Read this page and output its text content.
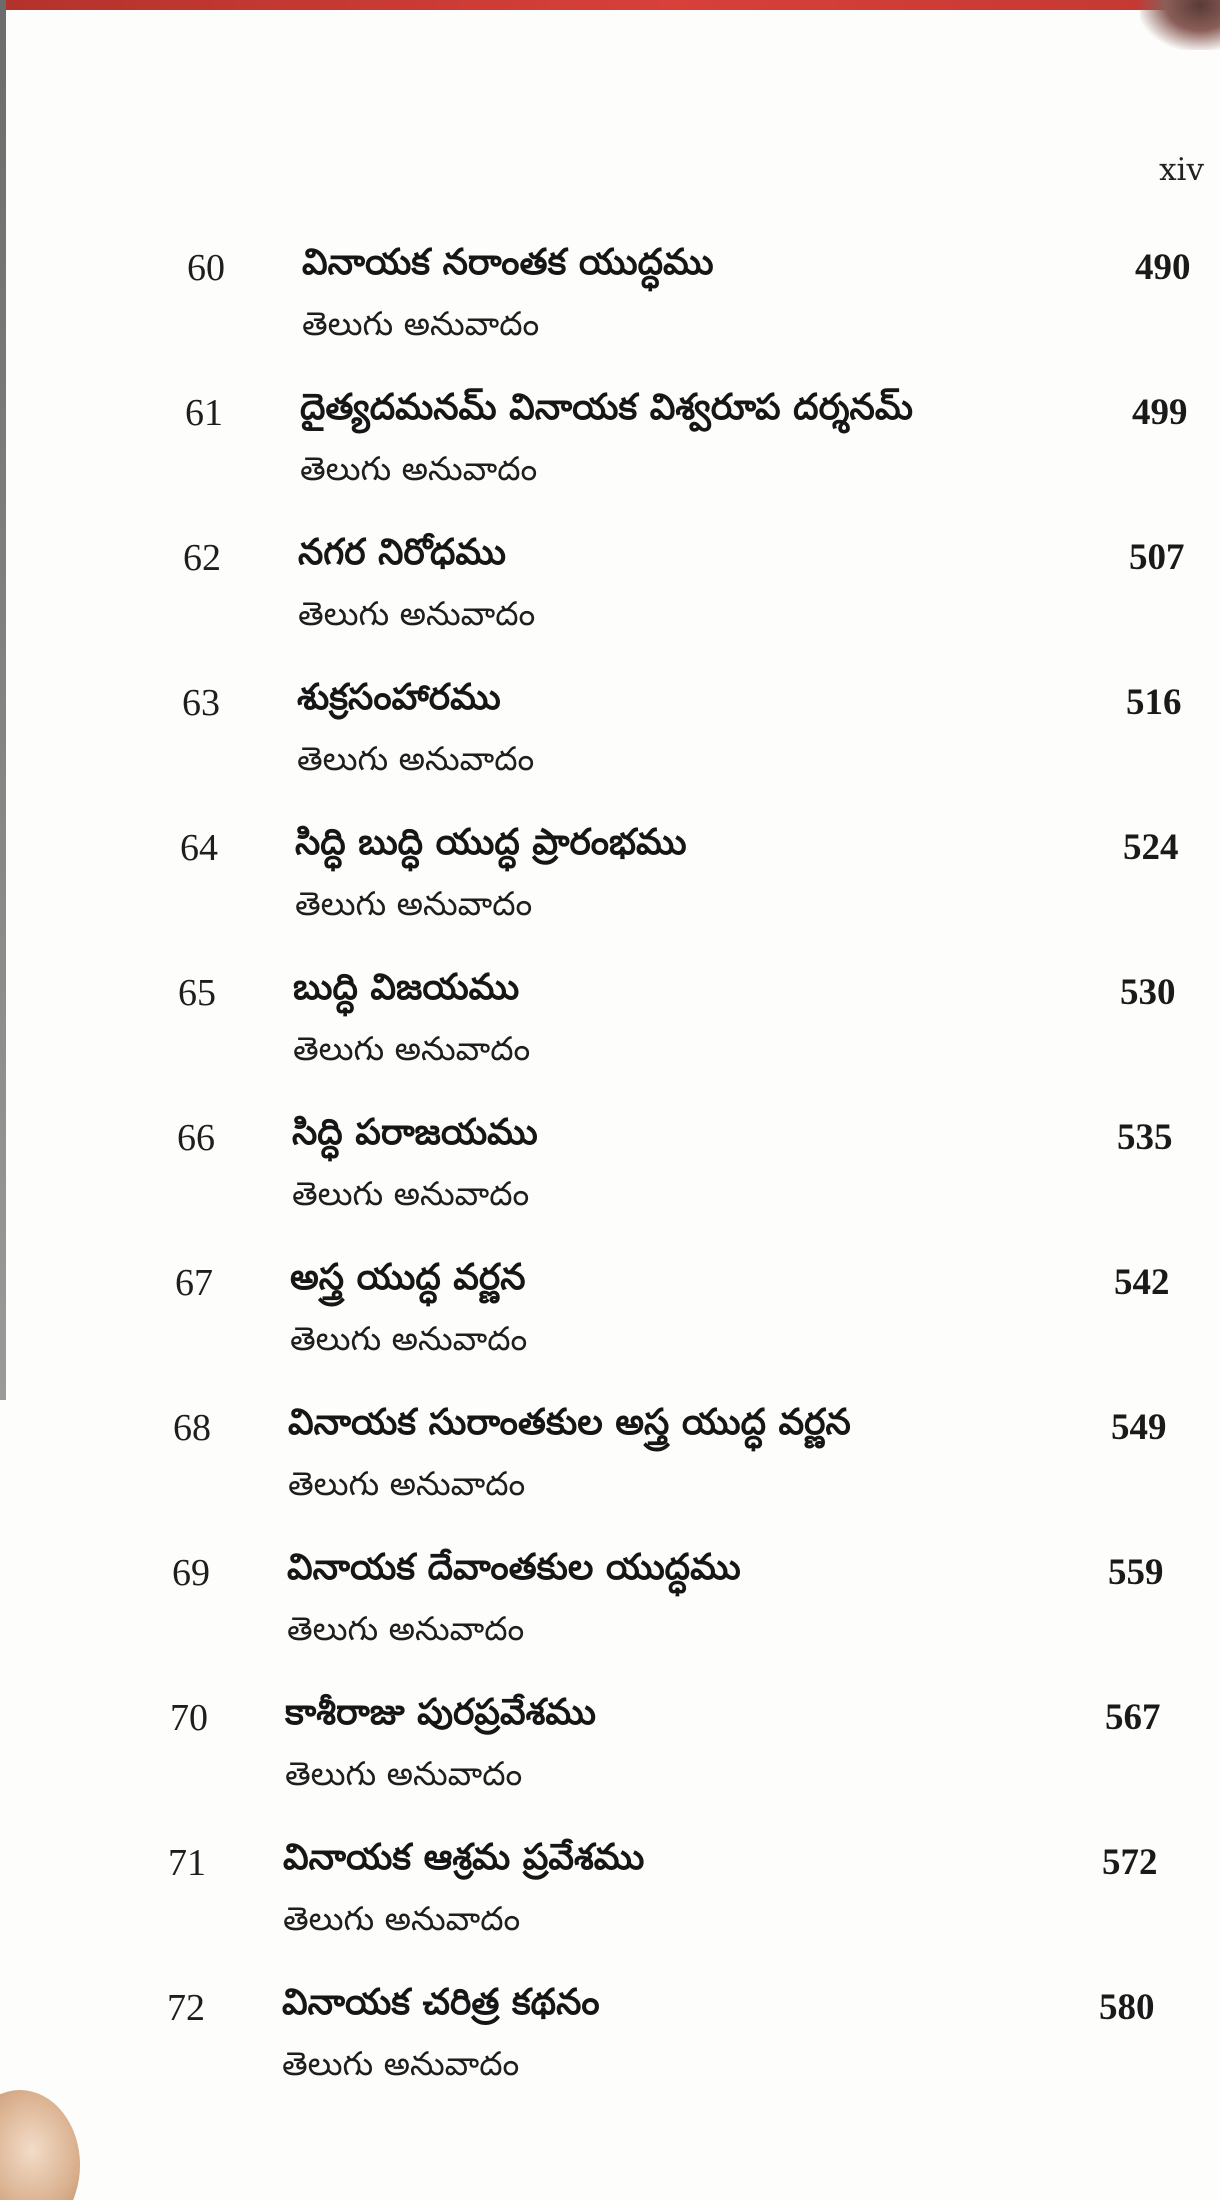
xiv
60 వినాయక నరాంతక యుద్ధము
తెలుగు అనువాదం
490
61 దైత్యదమనమ్ వినాయక విశ్వరూప దర్శనమ్
తెలుగు అనువాదం
499
62 నగర నిరోధము
తెలుగు అనువాదం
507
63 శుక్రసంహారము
తెలుగు అనువాదం
516
64 సిద్ధి బుద్ధి యుద్ధ ప్రారంభము
తెలుగు అనువాదం
524
65 బుద్ధి విజయము
తెలుగు అనువాదం
530
66 సిద్ధి పరాజయము
తెలుగు అనువాదం
535
67 అస్త్ర యుద్ధ వర్ణన
తెలుగు అనువాదం
542
68 వినాయక సురాంతకుల అస్త్ర యుద్ధ వర్ణన
తెలుగు అనువాదం
549
69 వినాయక దేవాంతకుల యుద్ధము
తెలుగు అనువాదం
559
70 కాశీరాజు పురప్రవేశము
తెలుగు అనువాదం
567
71 వినాయక ఆశ్రమ ప్రవేశము
తెలుగు అనువాదం
572
72 వినాయక చరిత్ర కథనం
తెలుగు అనువాదం
580
